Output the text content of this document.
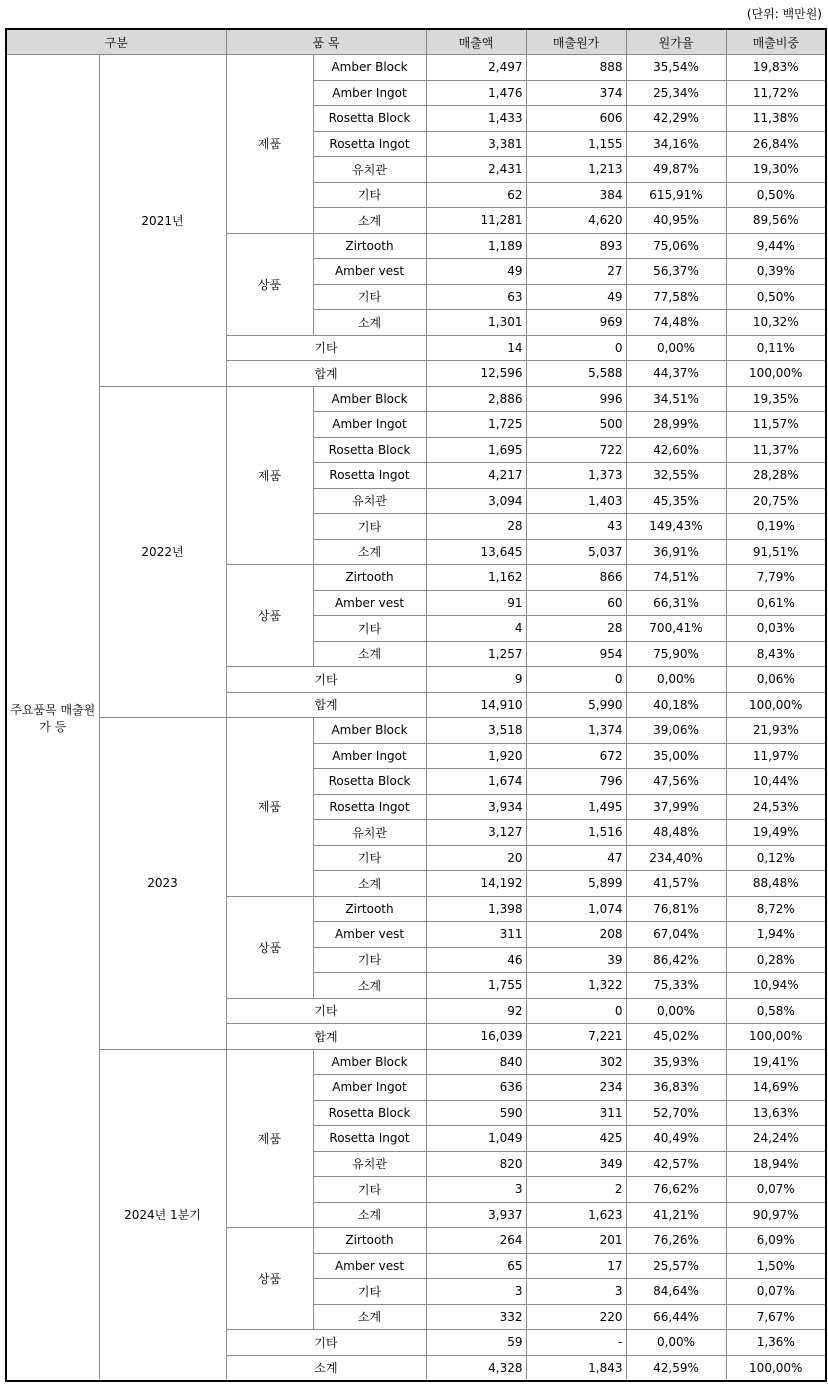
(단위: 백만원)
구분		품 목		매출액	매출원가	원가율	매출비중
주요품목 매출원가 등	2021년	제품	Amber Block	2,497	888	35,54%	19,83%
			Amber Ingot	1,476	374	25,34%	11,72%
			Rosetta Block	1,433	606	42,29%	11,38%
			Rosetta Ingot	3,381	1,155	34,16%	26,84%
			유치관	2,431	1,213	49,87%	19,30%
			기타	62	384	615,91%	0,50%
			소계	11,281	4,620	40,95%	89,56%
		상품	Zirtooth	1,189	893	75,06%	9,44%
			Amber vest	49	27	56,37%	0,39%
			기타	63	49	77,58%	0,50%
			소계	1,301	969	74,48%	10,32%
		기타		14	0	0,00%	0,11%
		합계		12,596	5,588	44,37%	100,00%
	2022년	제품	Amber Block	2,886	996	34,51%	19,35%
			Amber Ingot	1,725	500	28,99%	11,57%
			Rosetta Block	1,695	722	42,60%	11,37%
			Rosetta Ingot	4,217	1,373	32,55%	28,28%
			유치관	3,094	1,403	45,35%	20,75%
			기타	28	43	149,43%	0,19%
			소계	13,645	5,037	36,91%	91,51%
		상품	Zirtooth	1,162	866	74,51%	7,79%
			Amber vest	91	60	66,31%	0,61%
			기타	4	28	700,41%	0,03%
			소계	1,257	954	75,90%	8,43%
		기타		9	0	0,00%	0,06%
		합계		14,910	5,990	40,18%	100,00%
	2023	제품	Amber Block	3,518	1,374	39,06%	21,93%
			Amber Ingot	1,920	672	35,00%	11,97%
			Rosetta Block	1,674	796	47,56%	10,44%
			Rosetta Ingot	3,934	1,495	37,99%	24,53%
			유치관	3,127	1,516	48,48%	19,49%
			기타	20	47	234,40%	0,12%
			소계	14,192	5,899	41,57%	88,48%
		상품	Zirtooth	1,398	1,074	76,81%	8,72%
			Amber vest	311	208	67,04%	1,94%
			기타	46	39	86,42%	0,28%
			소계	1,755	1,322	75,33%	10,94%
		기타		92	0	0,00%	0,58%
		합계		16,039	7,221	45,02%	100,00%
	2024년 1분기	제품	Amber Block	840	302	35,93%	19,41%
			Amber Ingot	636	234	36,83%	14,69%
			Rosetta Block	590	311	52,70%	13,63%
			Rosetta Ingot	1,049	425	40,49%	24,24%
			유치관	820	349	42,57%	18,94%
			기타	3	2	76,62%	0,07%
			소계	3,937	1,623	41,21%	90,97%
		상품	Zirtooth	264	201	76,26%	6,09%
			Amber vest	65	17	25,57%	1,50%
			기타	3	3	84,64%	0,07%
			소계	332	220	66,44%	7,67%
		기타		59	-	0,00%	1,36%
		소계		4,328	1,843	42,59%	100,00%
